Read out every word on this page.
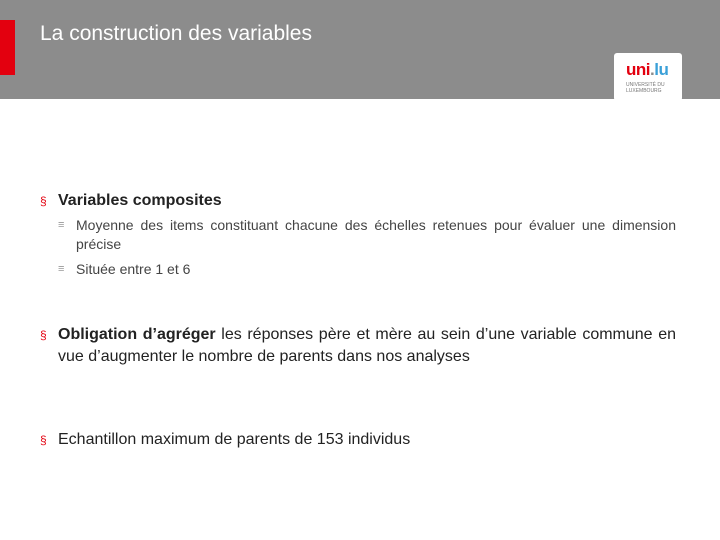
La construction des variables
uni.lu
UNIVERSITÉ DU LUXEMBOURG
§ Variables composites
≡ Moyenne des items constituant chacune des échelles retenues pour évaluer une dimension précise
≡ Située entre 1 et 6
§ Obligation d’agréger les réponses père et mère au sein d’une variable commune en vue d’augmenter le nombre de parents dans nos analyses
§ Echantillon maximum de parents de 153 individus
